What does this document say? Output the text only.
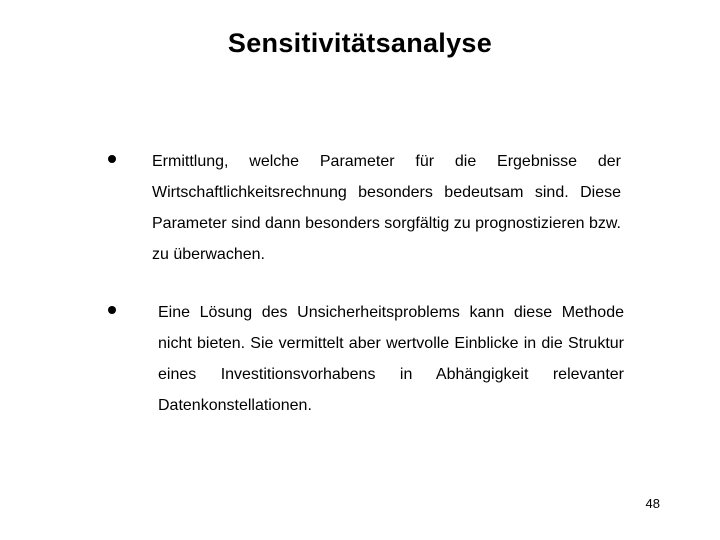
Sensitivitätsanalyse
Ermittlung, welche Parameter für die Ergebnisse der Wirtschaftlichkeitsrechnung besonders bedeutsam sind. Diese Parameter sind dann besonders sorgfältig zu prognostizieren bzw. zu überwachen.
Eine Lösung des Unsicherheitsproblems kann diese Methode nicht bieten. Sie vermittelt aber wertvolle Einblicke in die Struktur eines Investitionsvorhabens in Abhängigkeit relevanter Datenkonstellationen.
48
